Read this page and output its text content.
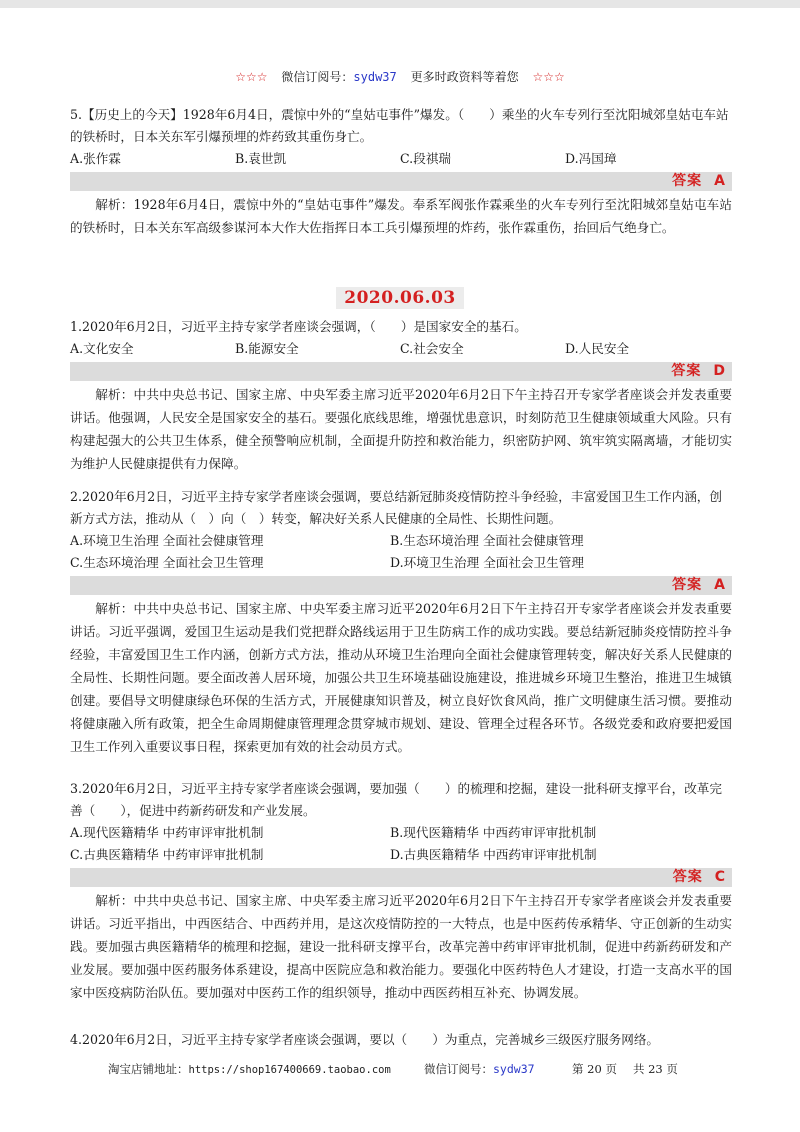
☆☆☆ 微信订阅号：sydw37 更多时政资料等着您 ☆☆☆

5.【历史上的今天】1928年6月4日，震惊中外的“皇姑屯事件”爆发。（　　）乘坐的火车专列行至沈阳城郊皇姑屯车站的铁桥时，日本关东军引爆预埋的炸药致其重伤身亡。

A.张作霖	B.袁世凯	C.段祺瑞	D.冯国璋
答案 A

解析：1928年6月4日，震惊中外的“皇姑屯事件”爆发。奉系军阀张作霖乘坐的火车专列行至沈阳城郊皇姑屯车站的铁桥时，日本关东军高级参谋河本大作大佐指挥日本工兵引爆预埋的炸药，张作霖重伤，抬回后气绝身亡。

2020.06.03

1.2020年6月2日，习近平主持专家学者座谈会强调，（　　）是国家安全的基石。

A.文化安全	B.能源安全	C.社会安全	D.人民安全
答案 D

解析：中共中央总书记、国家主席、中央军委主席习近平2020年6月2日下午主持召开专家学者座谈会并发表重要讲话。他强调，人民安全是国家安全的基石。要强化底线思维，增强忧患意识，时刻防范卫生健康领域重大风险。只有构建起强大的公共卫生体系，健全预警响应机制，全面提升防控和救治能力，织密防护网、筑牢筑实隔离墙，才能切实为维护人民健康提供有力保障。

2.2020年6月2日，习近平主持专家学者座谈会强调，要总结新冠肺炎疫情防控斗争经验，丰富爱国卫生工作内涵，创新方式方法，推动从（　）向（　）转变，解决好关系人民健康的全局性、长期性问题。

A.环境卫生治理 全面社会健康管理	B.生态环境治理 全面社会健康管理
C.生态环境治理 全面社会卫生管理	D.环境卫生治理 全面社会卫生管理
答案 A

解析：中共中央总书记、国家主席、中央军委主席习近平2020年6月2日下午主持召开专家学者座谈会并发表重要讲话。习近平强调，爱国卫生运动是我们党把群众路线运用于卫生防病工作的成功实践。要总结新冠肺炎疫情防控斗争经验，丰富爱国卫生工作内涵，创新方式方法，推动从环境卫生治理向全面社会健康管理转变，解决好关系人民健康的全局性、长期性问题。要全面改善人居环境，加强公共卫生环境基础设施建设，推进城乡环境卫生整治，推进卫生城镇创建。要倡导文明健康绿色环保的生活方式，开展健康知识普及，树立良好饮食风尚，推广文明健康生活习惯。要推动将健康融入所有政策，把全生命周期健康管理理念贯穿城市规划、建设、管理全过程各环节。各级党委和政府要把爱国卫生工作列入重要议事日程，探索更加有效的社会动员方式。

3.2020年6月2日，习近平主持专家学者座谈会强调，要加强（　　）的梳理和挖掘，建设一批科研支撑平台，改革完善（　　），促进中药新药研发和产业发展。

A.现代医籍精华 中药审评审批机制	B.现代医籍精华 中西药审评审批机制
C.古典医籍精华 中药审评审批机制	D.古典医籍精华 中西药审评审批机制
答案 C

解析：中共中央总书记、国家主席、中央军委主席习近平2020年6月2日下午主持召开专家学者座谈会并发表重要讲话。习近平指出，中西医结合、中西药并用，是这次疫情防控的一大特点，也是中医药传承精华、守正创新的生动实践。要加强古典医籍精华的梳理和挖掘，建设一批科研支撑平台，改革完善中药审评审批机制，促进中药新药研发和产业发展。要加强中医药服务体系建设，提高中医院应急和救治能力。要强化中医药特色人才建设，打造一支高水平的国家中医疫病防治队伍。要加强对中医药工作的组织领导，推动中西医药相互补充、协调发展。

4.2020年6月2日，习近平主持专家学者座谈会强调，要以（　　）为重点，完善城乡三级医疗服务网络。

淘宝店铺地址：https://shop167400669.taobao.com	微信订阅号：sydw37	第 20 页 共 23 页
